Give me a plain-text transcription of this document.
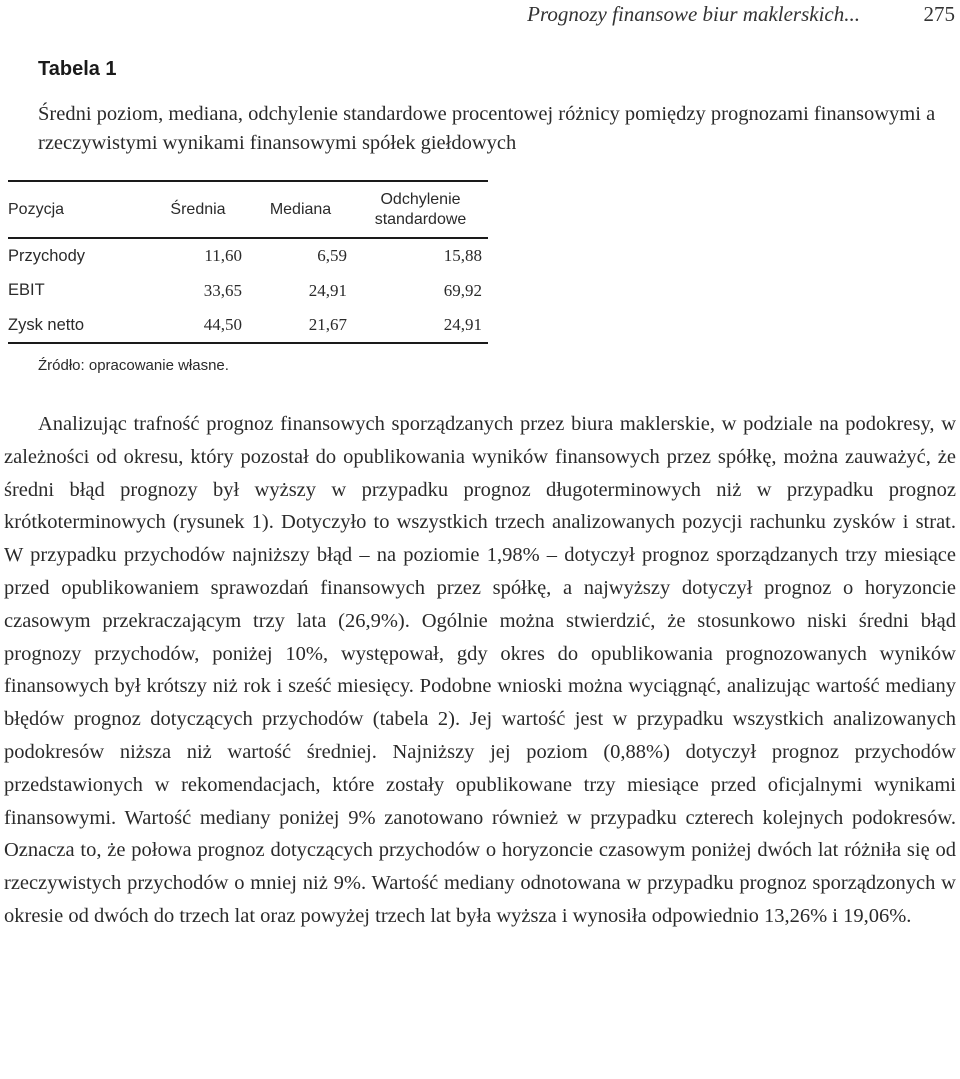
Prognozy finansowe biur maklerskich...	275
Tabela 1

Średni poziom, mediana, odchylenie standardowe procentowej różnicy pomiędzy prognozami finansowymi a rzeczywistymi wynikami finansowymi spółek giełdowych

Pozycja	Średnia	Mediana	Odchylenie
standardowe
Przychody	11,60	6,59	15,88
EBIT	33,65	24,91	69,92
Zysk netto	44,50	21,67	24,91

Źródło: opracowanie własne.

Analizując trafność prognoz finansowych sporządzanych przez biura maklerskie, w podziale na podokresy, w zależności od okresu, który pozostał do opublikowania wyników finansowych przez spółkę, można zauważyć, że średni błąd prognozy był wyższy w przypadku prognoz długoterminowych niż w przypadku prognoz krótkoterminowych (rysunek 1). Dotyczyło to wszystkich trzech analizowanych pozycji rachunku zysków i strat. W przypadku przychodów najniższy błąd – na poziomie 1,98% – dotyczył prognoz sporządzanych trzy miesiące przed opublikowaniem sprawozdań finansowych przez spółkę, a najwyższy dotyczył prognoz o horyzoncie czasowym przekraczającym trzy lata (26,9%). Ogólnie można stwierdzić, że stosunkowo niski średni błąd prognozy przychodów, poniżej 10%, występował, gdy okres do opublikowania prognozowanych wyników finansowych był krótszy niż rok i sześć miesięcy. Podobne wnioski można wyciągnąć, analizując wartość mediany błędów prognoz dotyczących przychodów (tabela 2). Jej wartość jest w przypadku wszystkich analizowanych podokresów niższa niż wartość średniej. Najniższy jej poziom (0,88%) dotyczył prognoz przychodów przedstawionych w rekomendacjach, które zostały opublikowane trzy miesiące przed oficjalnymi wynikami finansowymi. Wartość mediany poniżej 9% zanotowano również w przypadku czterech kolejnych podokresów. Oznacza to, że połowa prognoz dotyczących przychodów o horyzoncie czasowym poniżej dwóch lat różniła się od rzeczywistych przychodów o mniej niż 9%. Wartość mediany odnotowana w przypadku prognoz sporządzonych w okresie od dwóch do trzech lat oraz powyżej trzech lat była wyższa i wynosiła odpowiednio 13,26% i 19,06%.
